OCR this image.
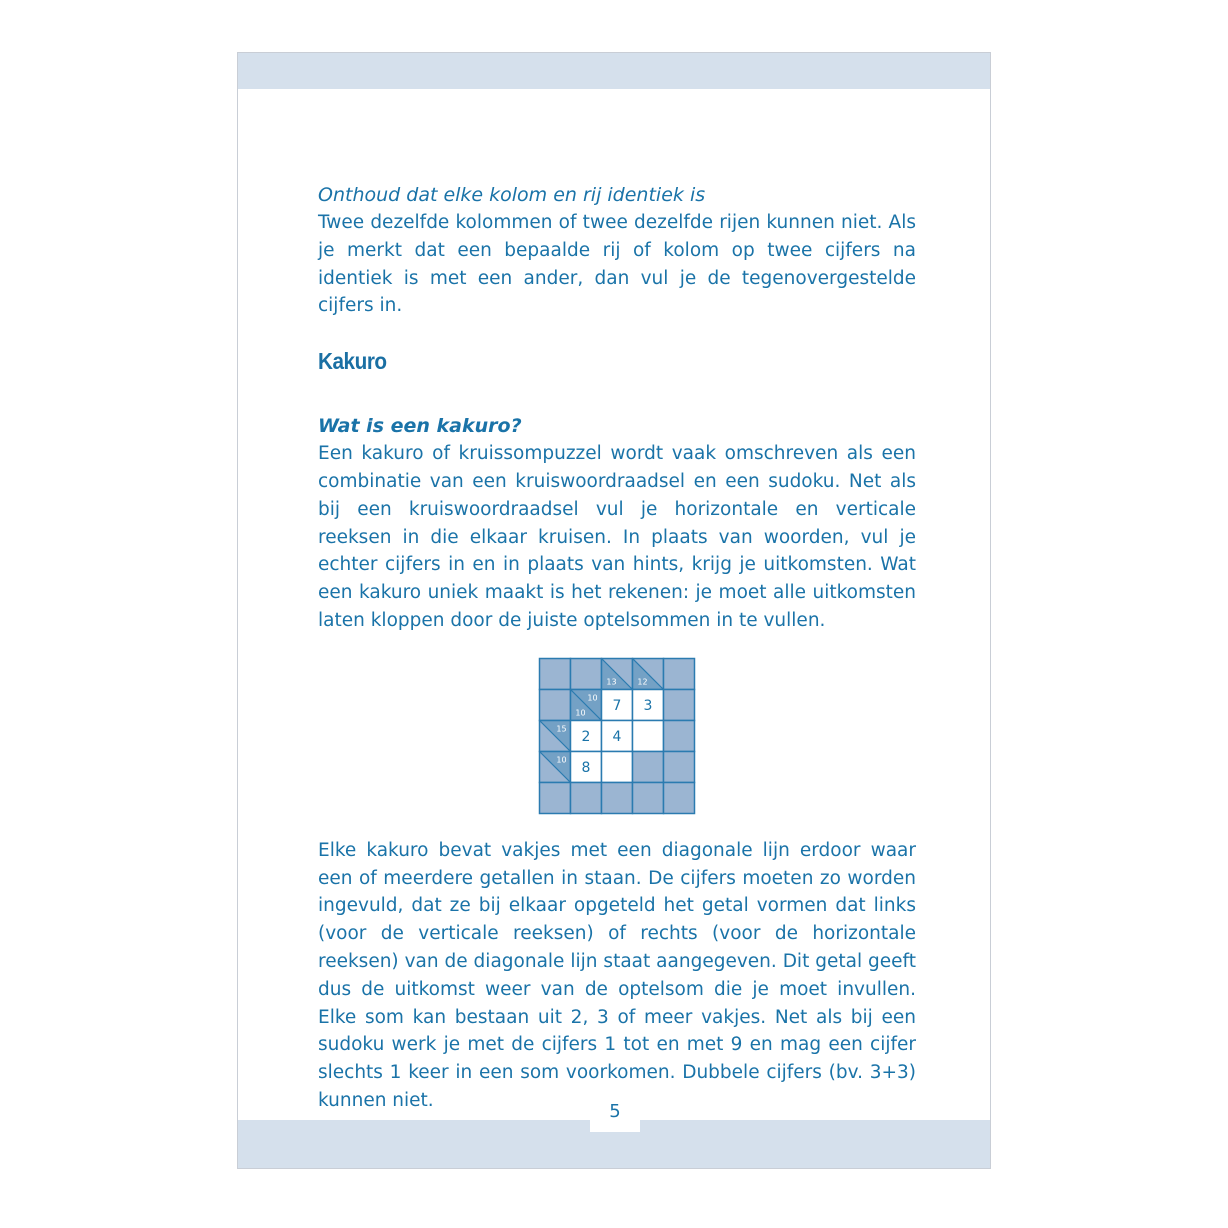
Onthoud dat elke kolom en rij identiek is

Twee dezelfde kolommen of twee dezelfde rijen kunnen niet. Als je merkt dat een bepaalde rij of kolom op twee cijfers na identiek is met een ander, dan vul je de tegenovergestelde cijfers in.

Kakuro

Wat is een kakuro?

Een kakuro of kruissompuzzel wordt vaak omschreven als een combinatie van een kruiswoordraadsel en een sudoku. Net als bij een kruiswoordraadsel vul je horizontale en verticale reeksen in die elkaar kruisen. In plaats van woorden, vul je echter cijfers in en in plaats van hints, krijg je uitkomsten. Wat een kakuro uniek maakt is het rekenen: je moet alle uitkomsten laten kloppen door de juiste optelsommen in te vullen.

13	12
10
10 7 3
15 2 4
10 8

Elke kakuro bevat vakjes met een diagonale lijn erdoor waar een of meerdere getallen in staan. De cijfers moeten zo worden ingevuld, dat ze bij elkaar opgeteld het getal vormen dat links (voor de verticale reeksen) of rechts (voor de horizontale reeksen) van de diagonale lijn staat aangegeven. Dit getal geeft dus de uitkomst weer van de optelsom die je moet invullen. Elke som kan bestaan uit 2, 3 of meer vakjes. Net als bij een sudoku werk je met de cijfers 1 tot en met 9 en mag een cijfer slechts 1 keer in een som voorkomen. Dubbele cijfers (bv. 3+3) kunnen niet.

5
